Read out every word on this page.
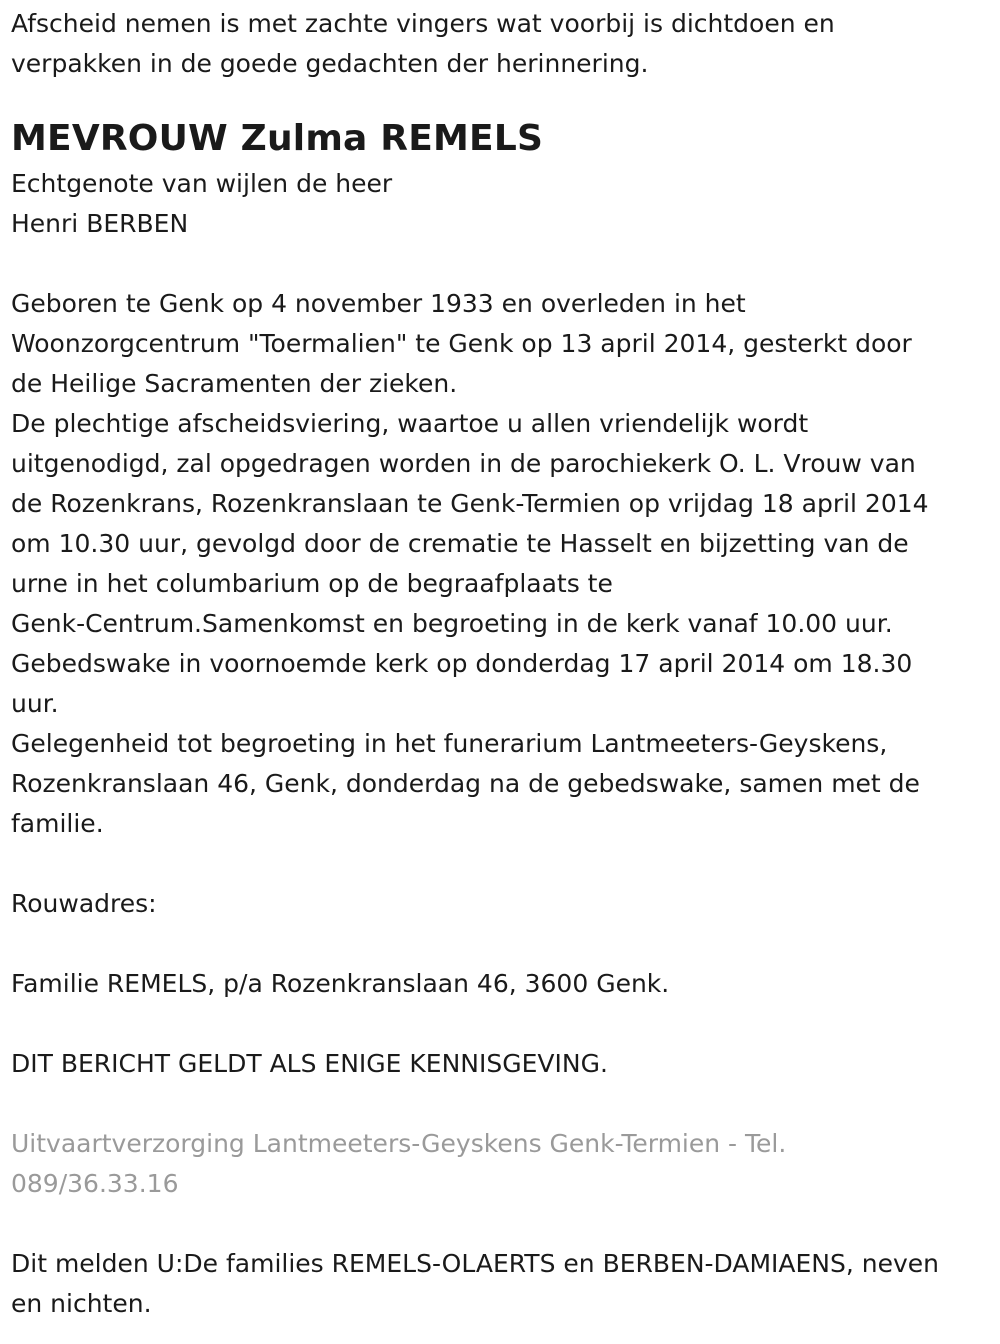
Afscheid nemen is met zachte vingers wat voorbij is dichtdoen en

verpakken in de goede gedachten der herinnering.

MEVROUW Zulma REMELS

Echtgenote van wijlen de heer

Henri BERBEN

Geboren te Genk op 4 november 1933 en overleden in het

Woonzorgcentrum "Toermalien" te Genk op 13 april 2014, gesterkt door

de Heilige Sacramenten der zieken.

De plechtige afscheidsviering, waartoe u allen vriendelijk wordt

uitgenodigd, zal opgedragen worden in de parochiekerk O. L. Vrouw van

de Rozenkrans, Rozenkranslaan te Genk-Termien op vrijdag 18 april 2014

om 10.30 uur, gevolgd door de crematie te Hasselt en bijzetting van de

urne in het columbarium op de begraafplaats te

Genk-Centrum.Samenkomst en begroeting in de kerk vanaf 10.00 uur.

Gebedswake in voornoemde kerk op donderdag 17 april 2014 om 18.30

uur.

Gelegenheid tot begroeting in het funerarium Lantmeeters-Geyskens,

Rozenkranslaan 46, Genk, donderdag na de gebedswake, samen met de

familie.

Rouwadres:

Familie REMELS, p/a Rozenkranslaan 46, 3600 Genk.

DIT BERICHT GELDT ALS ENIGE KENNISGEVING.

Uitvaartverzorging Lantmeeters-Geyskens Genk-Termien - Tel.

089/36.33.16

Dit melden U:De families REMELS-OLAERTS en BERBEN-DAMIAENS, neven

en nichten.
